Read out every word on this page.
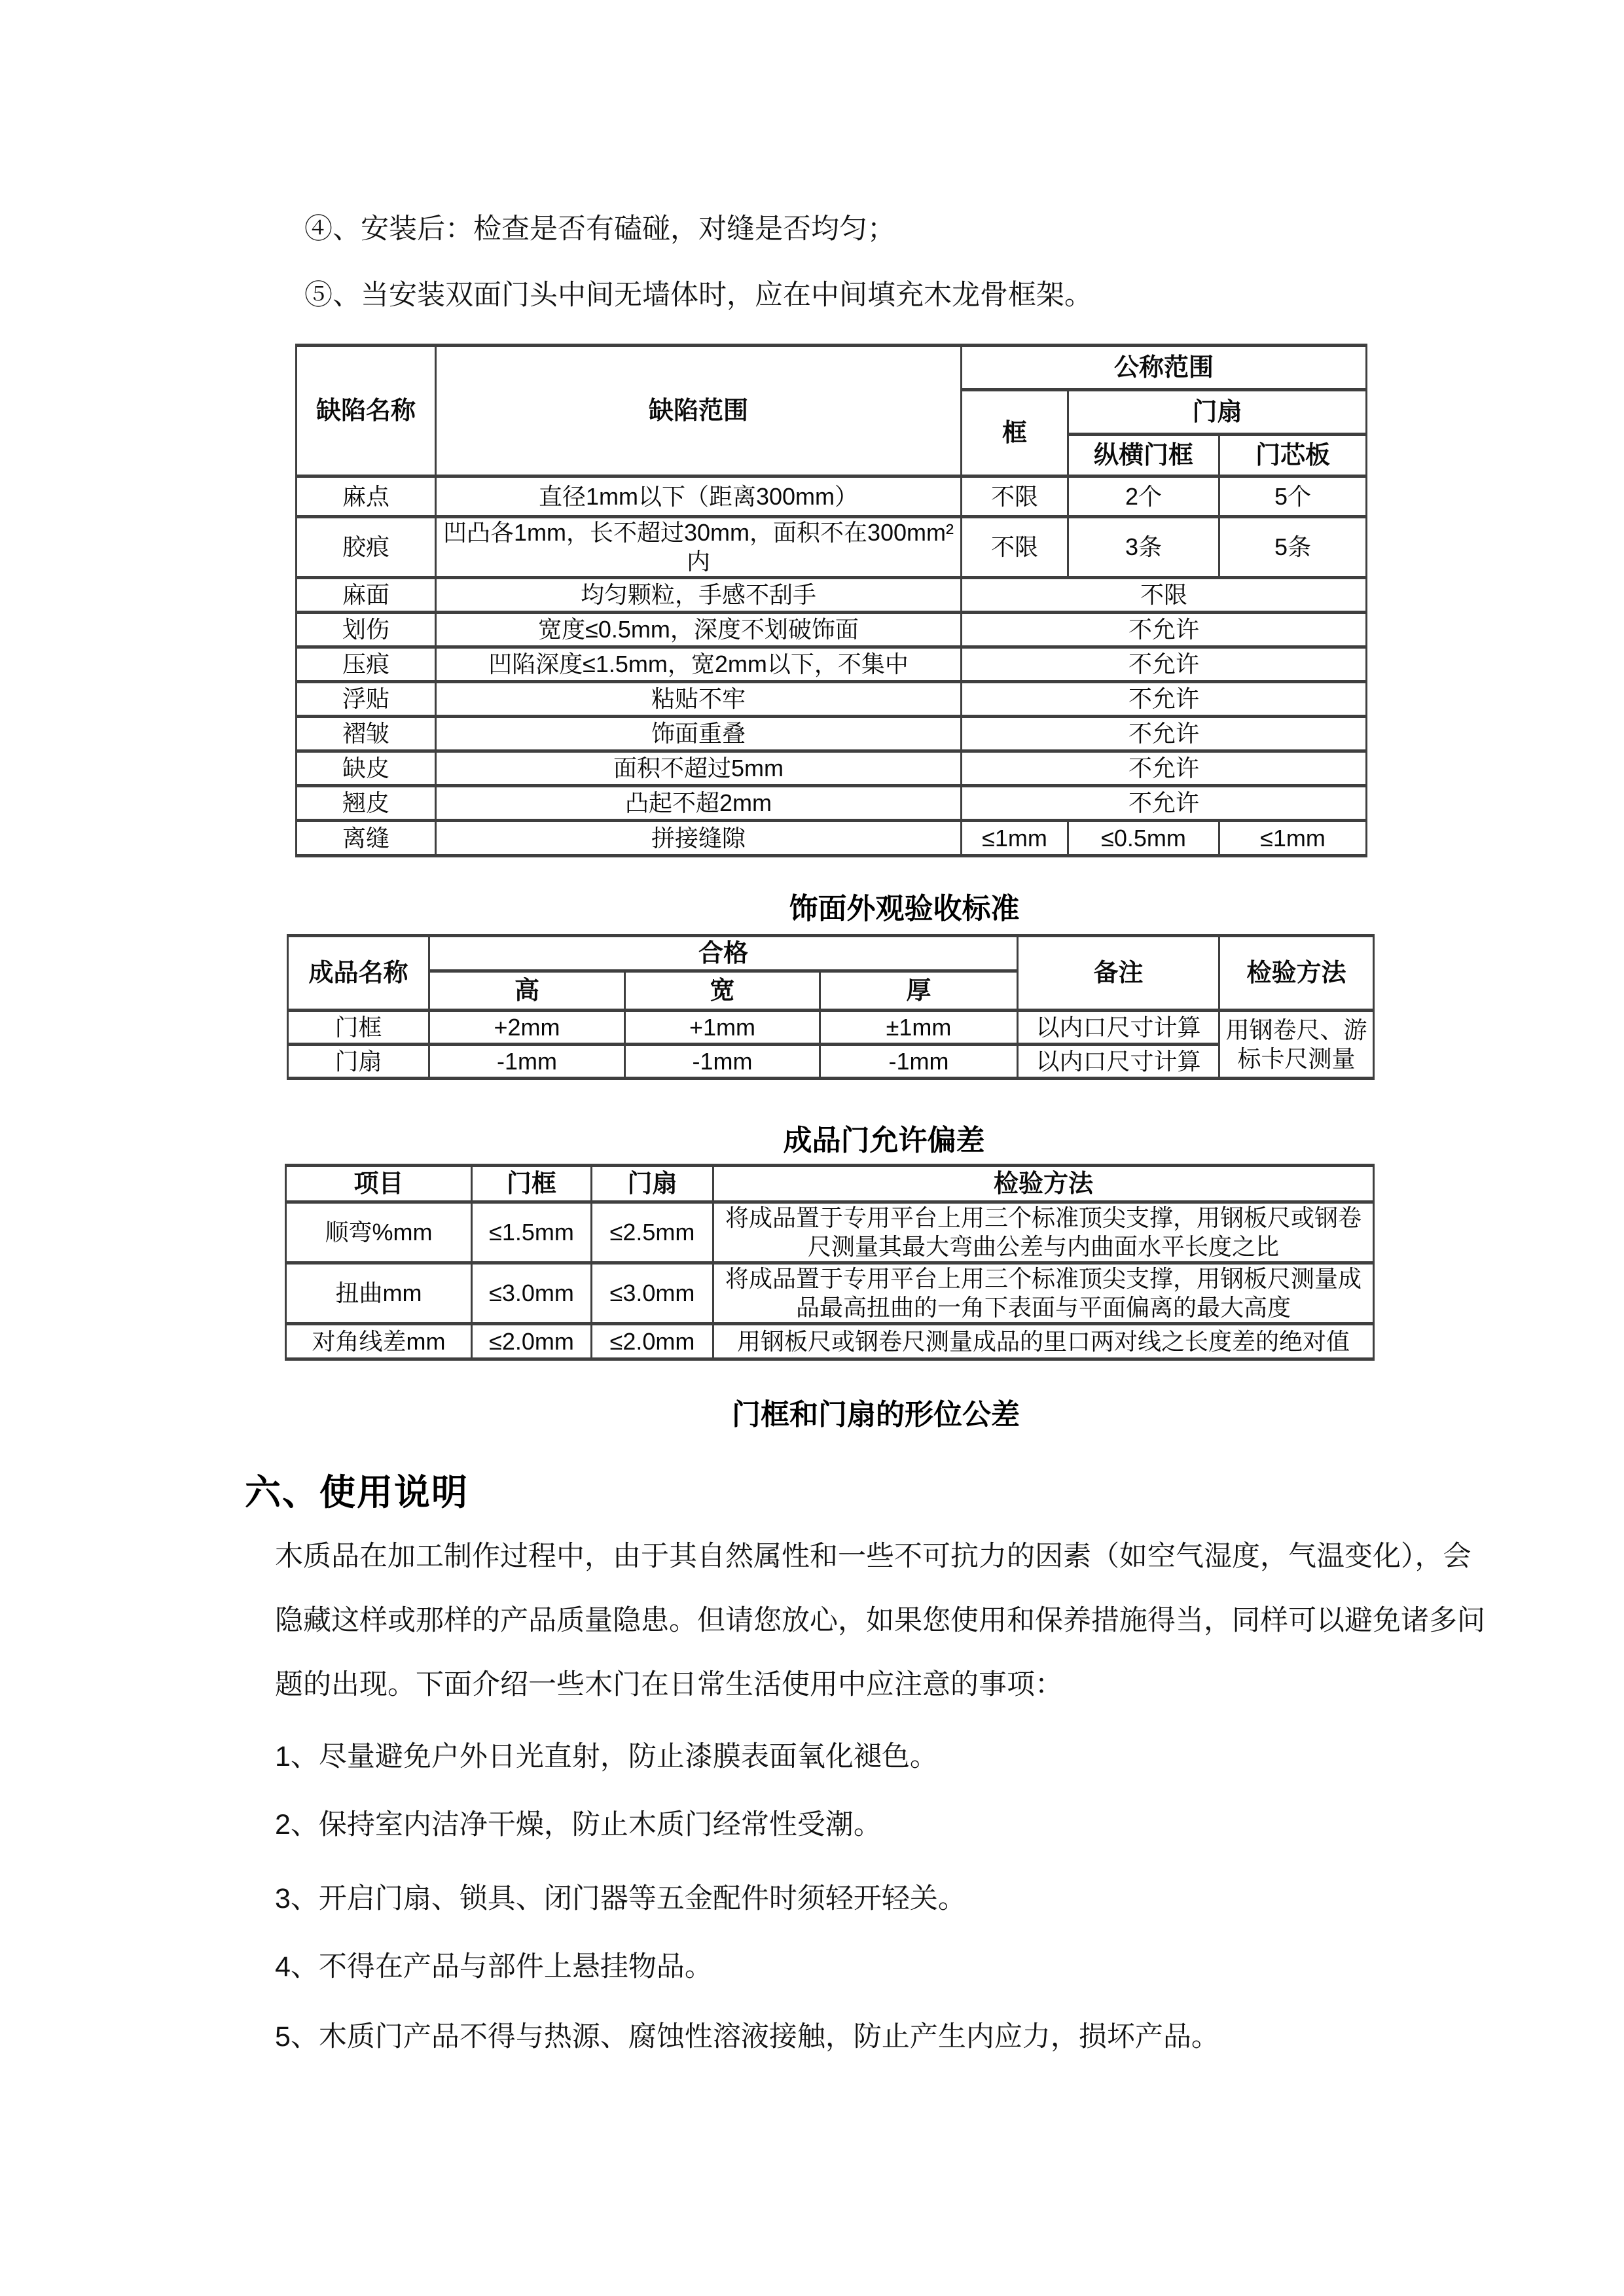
④、安装后：检查是否有磕碰，对缝是否均匀；
⑤、当安装双面门头中间无墙体时，应在中间填充木龙骨框架。
缺陷名称	缺陷范围	公称范围		
		框	门扇	
			纵横门框	门芯板
麻点	直径1mm以下（距离300mm）	不限	2个	5个
胶痕	凹凸各1mm，长不超过30mm，面积不在300mm²内	不限	3条	5条
麻面	均匀颗粒，手感不刮手	不限		
划伤	宽度≤0.5mm，深度不划破饰面	不允许		
压痕	凹陷深度≤1.5mm，宽2mm以下，不集中	不允许		
浮贴	粘贴不牢	不允许		
褶皱	饰面重叠	不允许		
缺皮	面积不超过5mm	不允许		
翘皮	凸起不超2mm	不允许		
离缝	拼接缝隙	≤1mm	≤0.5mm	≤1mm
饰面外观验收标准
成品名称	合格			备注	检验方法
	高	宽	厚		
门框	+2mm	+1mm	±1mm	以内口尺寸计算	用钢卷尺、游标卡尺测量
门扇	-1mm	-1mm	-1mm	以内口尺寸计算	
成品门允许偏差
项目	门框	门扇	检验方法
顺弯%mm	≤1.5mm	≤2.5mm	将成品置于专用平台上用三个标准顶尖支撑，用钢板尺或钢卷尺测量其最大弯曲公差与内曲面水平长度之比
扭曲mm	≤3.0mm	≤3.0mm	将成品置于专用平台上用三个标准顶尖支撑，用钢板尺测量成品最高扭曲的一角下表面与平面偏离的最大高度
对角线差mm	≤2.0mm	≤2.0mm	用钢板尺或钢卷尺测量成品的里口两对线之长度差的绝对值
门框和门扇的形位公差
六、使用说明
木质品在加工制作过程中，由于其自然属性和一些不可抗力的因素（如空气湿度，气温变化），会
隐藏这样或那样的产品质量隐患。但请您放心，如果您使用和保养措施得当，同样可以避免诸多问
题的出现。下面介绍一些木门在日常生活使用中应注意的事项：
1、尽量避免户外日光直射，防止漆膜表面氧化褪色。
2、保持室内洁净干燥，防止木质门经常性受潮。
3、开启门扇、锁具、闭门器等五金配件时须轻开轻关。
4、不得在产品与部件上悬挂物品。
5、木质门产品不得与热源、腐蚀性溶液接触，防止产生内应力，损坏产品。
